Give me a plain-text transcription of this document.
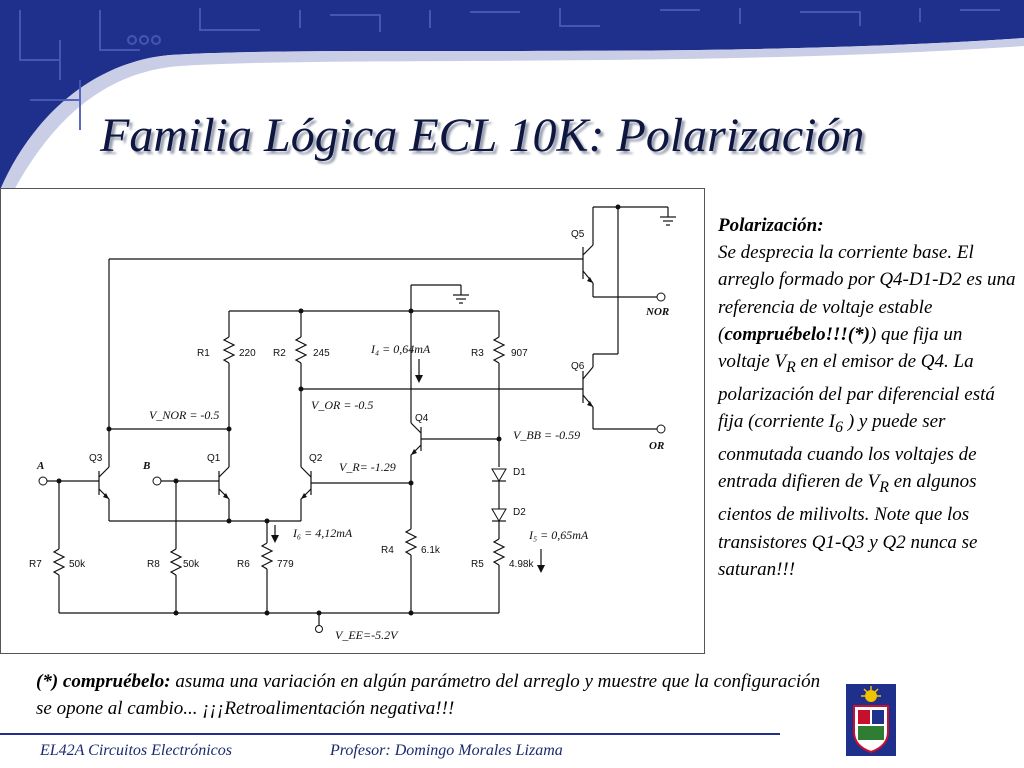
Familia Lógica ECL 10K: Polarización
Q5
NOR
Q6
OR
R1	220 R2	245	R3	907
I₄ = 0,64mA
V_NOR = -0.5
V_OR = -0.5
Q3	Q1	Q2
V_R= -1.29
Q4
V_BB = -0.59
D1
D2
A	B
I₆ = 4,12mA
R7	50k	R8 50k	R6	779
R4	6.1k
R5	4.98k
I₅ = 0,65mA
V_EE=-5.2V
Polarización:
Se desprecia la corriente base. El arreglo formado por Q4-D1-D2 es una referencia de voltaje estable (compruébelo!!!(*)) que fija un voltaje $V_R$ en el emisor de Q4. La polarización del par diferencial está fija (corriente $I_6$ ) y puede ser conmutada cuando los voltajes de entrada difieren de $V_R$ en algunos cientos de milivolts. Note que los transistores Q1-Q3 y Q2 nunca se saturan!!!
(*) compruébelo: asuma una variación en algún parámetro del arreglo y muestre que la configuración se opone al cambio... ¡¡¡Retroalimentación negativa!!!
EL42A Circuitos Electrónicos	Profesor: Domingo Morales Lizama
